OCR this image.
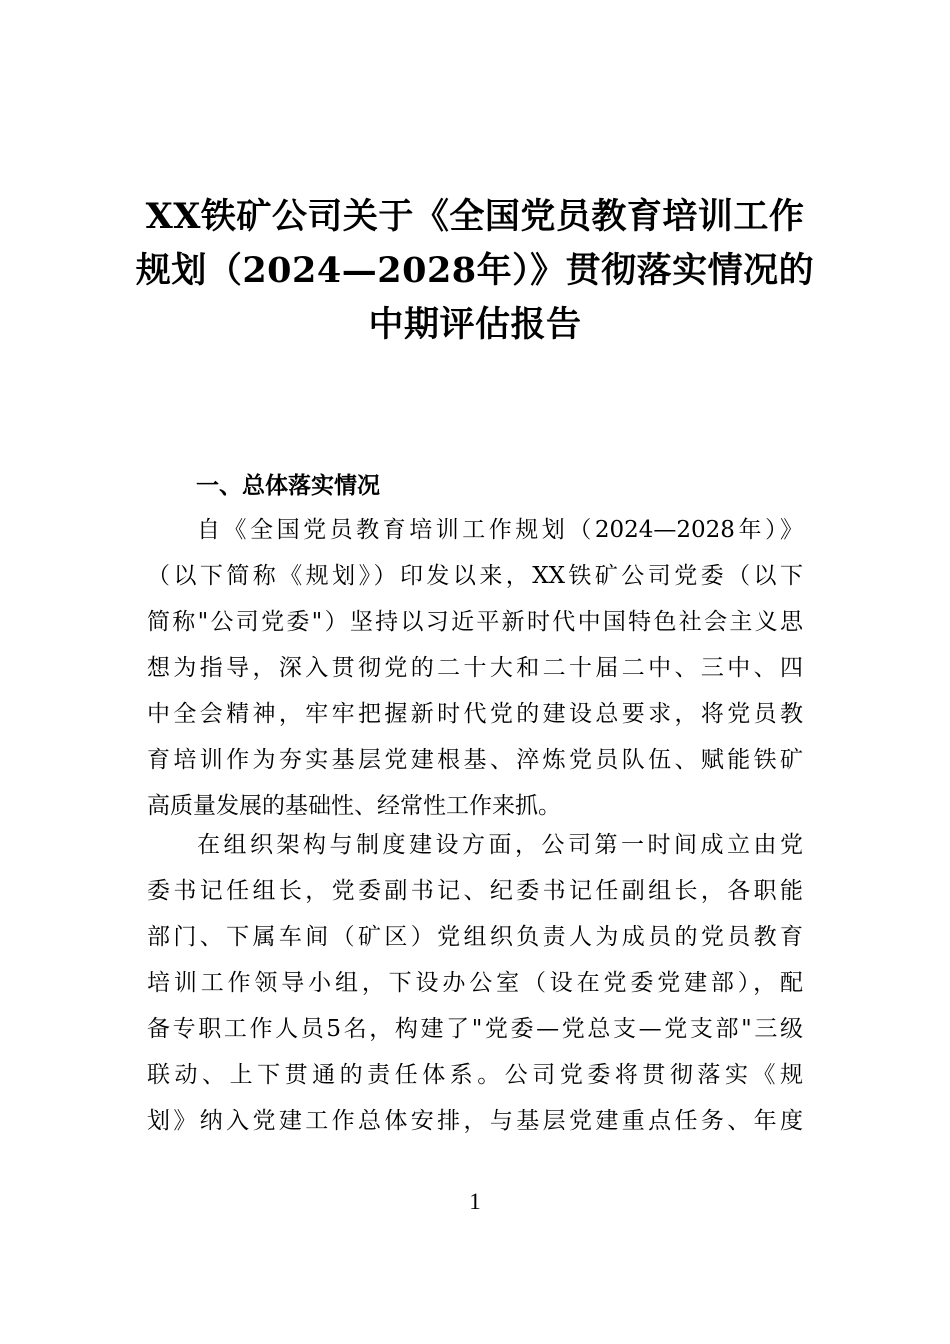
XX铁矿公司关于《全国党员教育培训工作
规划（2024—2028年）》贯彻落实情况的
中期评估报告
一、总体落实情况
自《全国党员教育培训工作规划（2024—2028年）》
（以下简称《规划》）印发以来，XX铁矿公司党委（以下
简称"公司党委"）坚持以习近平新时代中国特色社会主义思
想为指导，深入贯彻党的二十大和二十届二中、三中、四
中全会精神，牢牢把握新时代党的建设总要求，将党员教
育培训作为夯实基层党建根基、淬炼党员队伍、赋能铁矿
高质量发展的基础性、经常性工作来抓。
在组织架构与制度建设方面，公司第一时间成立由党
委书记任组长，党委副书记、纪委书记任副组长，各职能
部门、下属车间（矿区）党组织负责人为成员的党员教育
培训工作领导小组，下设办公室（设在党委党建部），配
备专职工作人员5名，构建了"党委—党总支—党支部"三级
联动、上下贯通的责任体系。公司党委将贯彻落实《规
划》纳入党建工作总体安排，与基层党建重点任务、年度

1
